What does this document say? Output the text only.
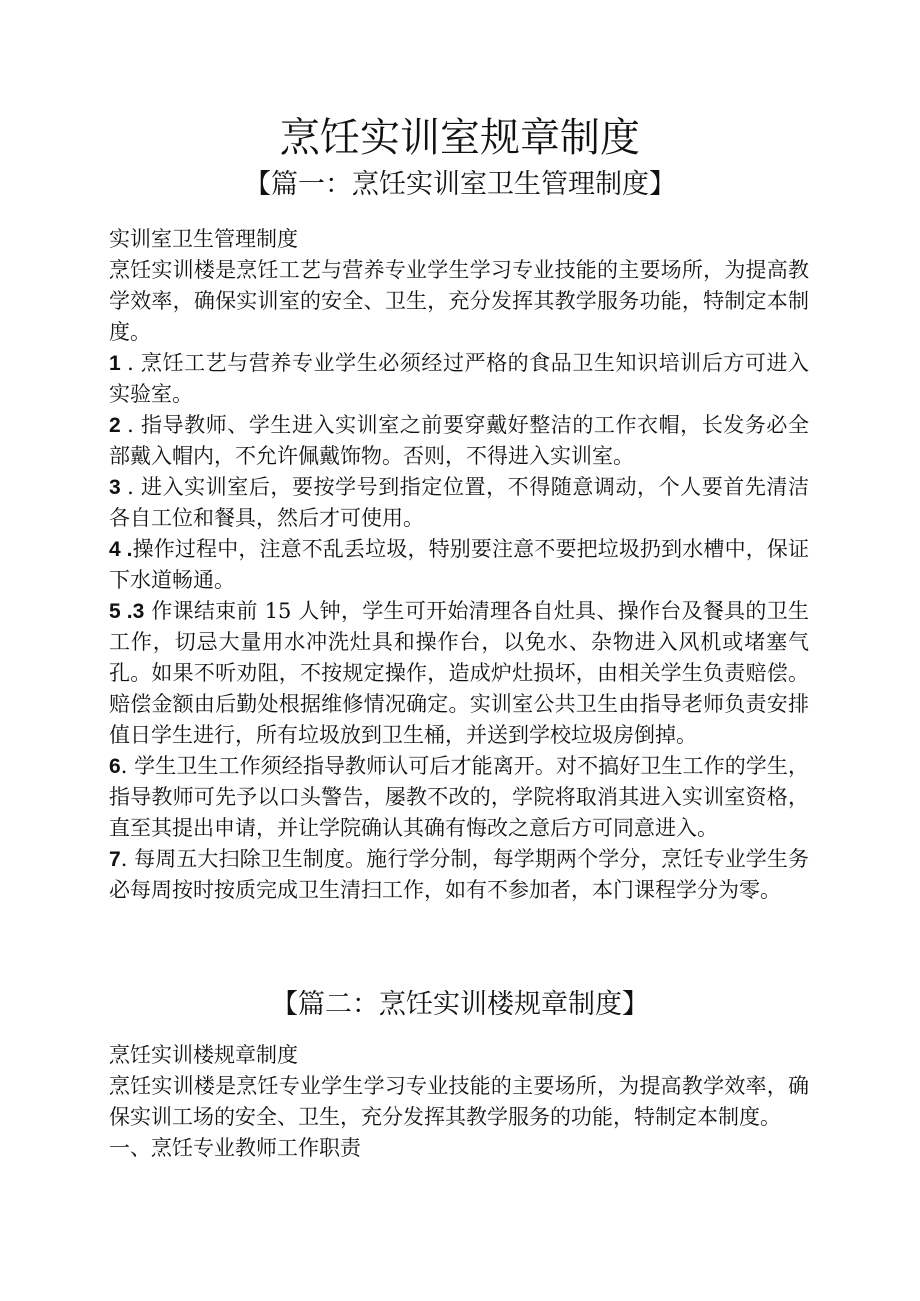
烹饪实训室规章制度
【篇一：烹饪实训室卫生管理制度】

实训室卫生管理制度

烹饪实训楼是烹饪工艺与营养专业学生学习专业技能的主要场所，为提高教学效率，确保实训室的安全、卫生，充分发挥其教学服务功能，特制定本制度。

1 . 烹饪工艺与营养专业学生必须经过严格的食品卫生知识培训后方可进入实验室。

2 . 指导教师、学生进入实训室之前要穿戴好整洁的工作衣帽，长发务必全部戴入帽内，不允许佩戴饰物。否则，不得进入实训室。

3 . 进入实训室后，要按学号到指定位置，不得随意调动，个人要首先清洁各自工位和餐具，然后才可使用。

4 .操作过程中，注意不乱丢垃圾，特别要注意不要把垃圾扔到水槽中，保证下水道畅通。

5 .3 作课结束前 15 人钟，学生可开始清理各自灶具、操作台及餐具的卫生工作，切忌大量用水冲洗灶具和操作台，以免水、杂物进入风机或堵塞气孔。如果不听劝阻，不按规定操作，造成炉灶损坏，由相关学生负责赔偿。赔偿金额由后勤处根据维修情况确定。实训室公共卫生由指导老师负责安排值日学生进行，所有垃圾放到卫生桶，并送到学校垃圾房倒掉。

6. 学生卫生工作须经指导教师认可后才能离开。对不搞好卫生工作的学生，指导教师可先予以口头警告，屡教不改的，学院将取消其进入实训室资格，直至其提出申请，并让学院确认其确有悔改之意后方可同意进入。

7. 每周五大扫除卫生制度。施行学分制，每学期两个学分，烹饪专业学生务必每周按时按质完成卫生清扫工作，如有不参加者，本门课程学分为零。

【篇二：烹饪实训楼规章制度】

烹饪实训楼规章制度

烹饪实训楼是烹饪专业学生学习专业技能的主要场所，为提高教学效率，确保实训工场的安全、卫生，充分发挥其教学服务的功能，特制定本制度。

一、烹饪专业教师工作职责
